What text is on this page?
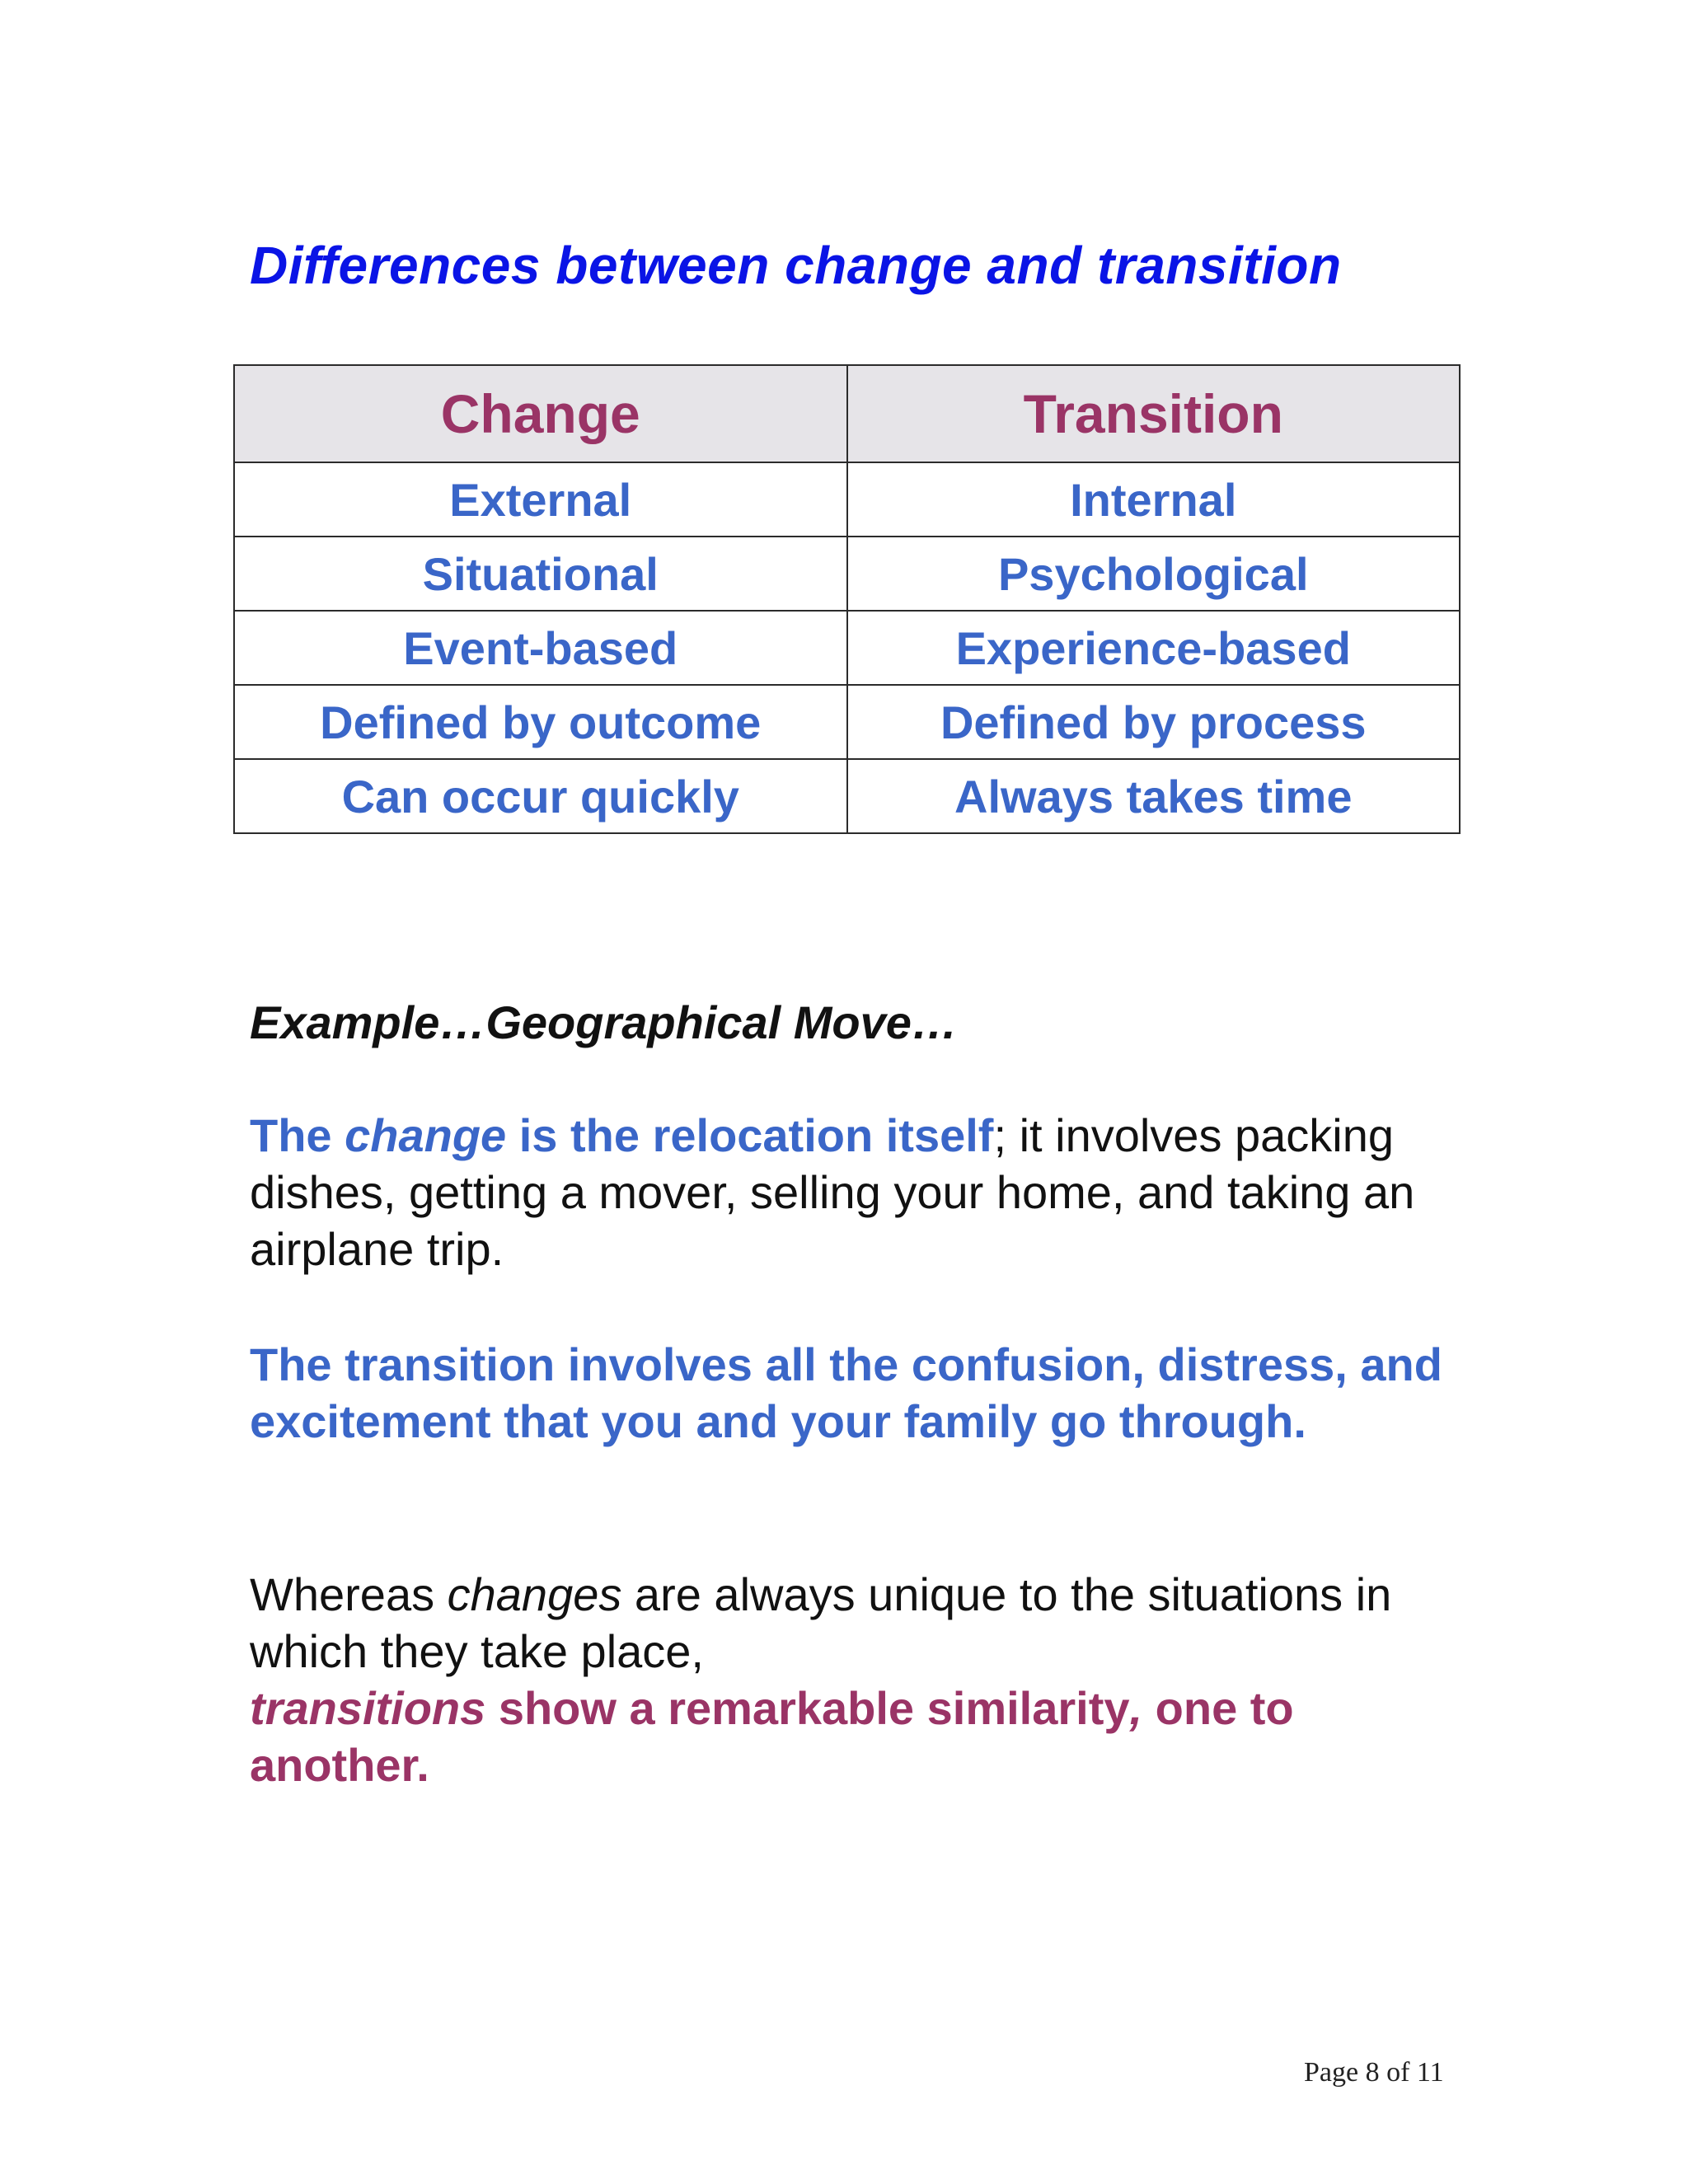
Differences between change and transition
Change	Transition
External	Internal
Situational	Psychological
Event-based	Experience-based
Defined by outcome	Defined by process
Can occur quickly	Always takes time

Example…Geographical Move…

The change is the relocation itself; it involves packing dishes, getting a mover, selling your home, and taking an airplane trip.

The transition involves all the confusion, distress, and excitement that you and your family go through.

Whereas changes are always unique to the situations in which they take place,
transitions show a remarkable similarity, one to another.

Page 8 of 11
